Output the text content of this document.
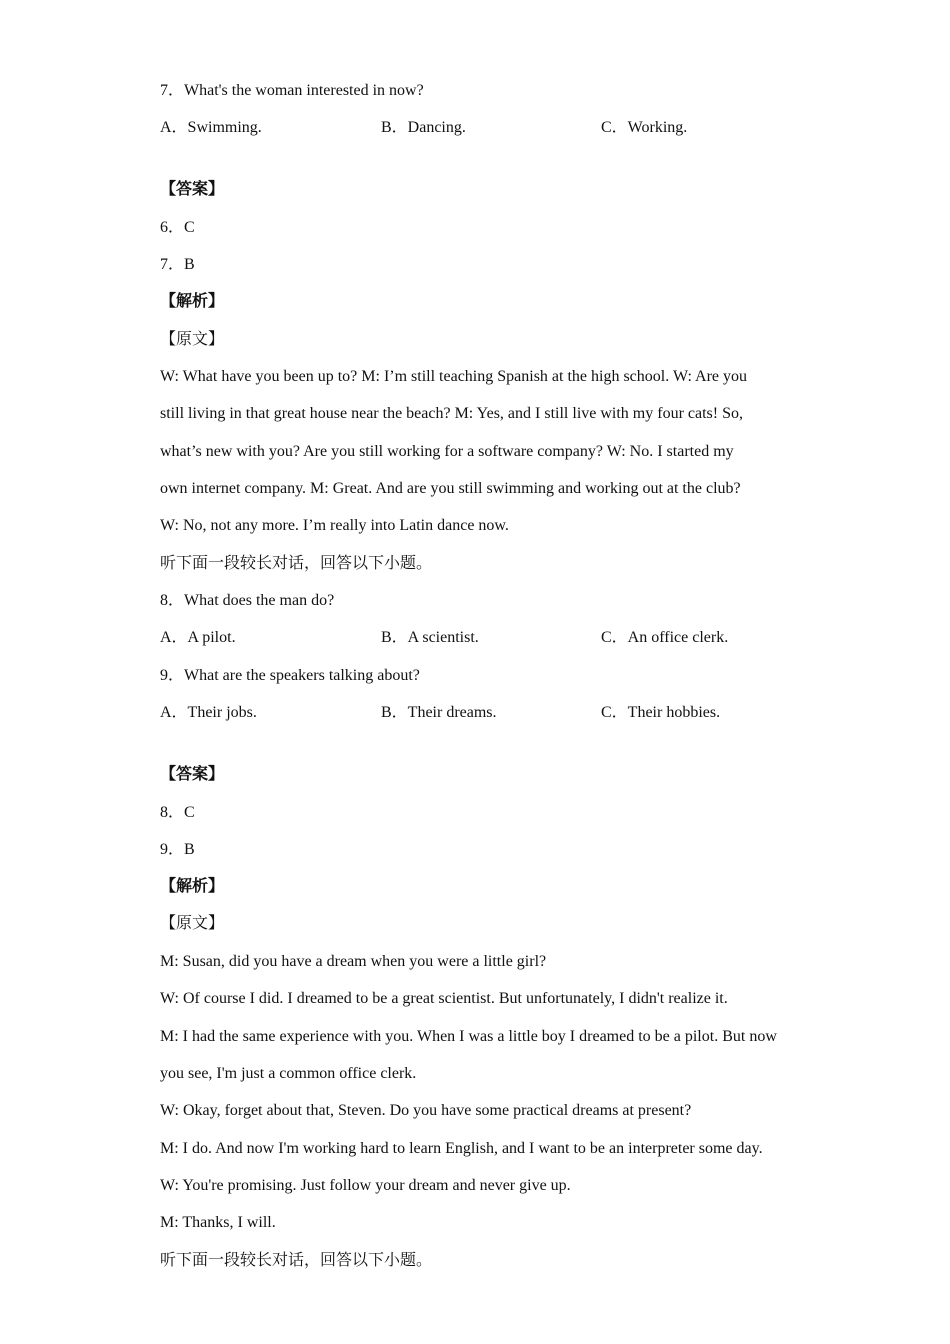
7．What's the woman interested in now?
A．Swimming.	B．Dancing.	C．Working.
【答案】
6．C
7．B
【解析】
【原文】
W: What have you been up to? M: I’m still teaching Spanish at the high school. W: Are you
still living in that great house near the beach? M: Yes, and I still live with my four cats! So,
what’s new with you? Are you still working for a software company? W: No. I started my
own internet company. M: Great. And are you still swimming and working out at the club?
W: No, not any more. I’m really into Latin dance now.
听下面一段较长对话，回答以下小题。
8．What does the man do?
A．A pilot.	B．A scientist.	C．An office clerk.
9．What are the speakers talking about?
A．Their jobs.	B．Their dreams.	C．Their hobbies.
【答案】
8．C
9．B
【解析】
【原文】
M: Susan, did you have a dream when you were a little girl?
W: Of course I did. I dreamed to be a great scientist. But unfortunately, I didn't realize it.
M: I had the same experience with you. When I was a little boy I dreamed to be a pilot. But now
you see, I'm just a common office clerk.
W: Okay, forget about that, Steven. Do you have some practical dreams at present?
M: I do. And now I'm working hard to learn English, and I want to be an interpreter some day.
W: You're promising. Just follow your dream and never give up.
M: Thanks, I will.
听下面一段较长对话，回答以下小题。
